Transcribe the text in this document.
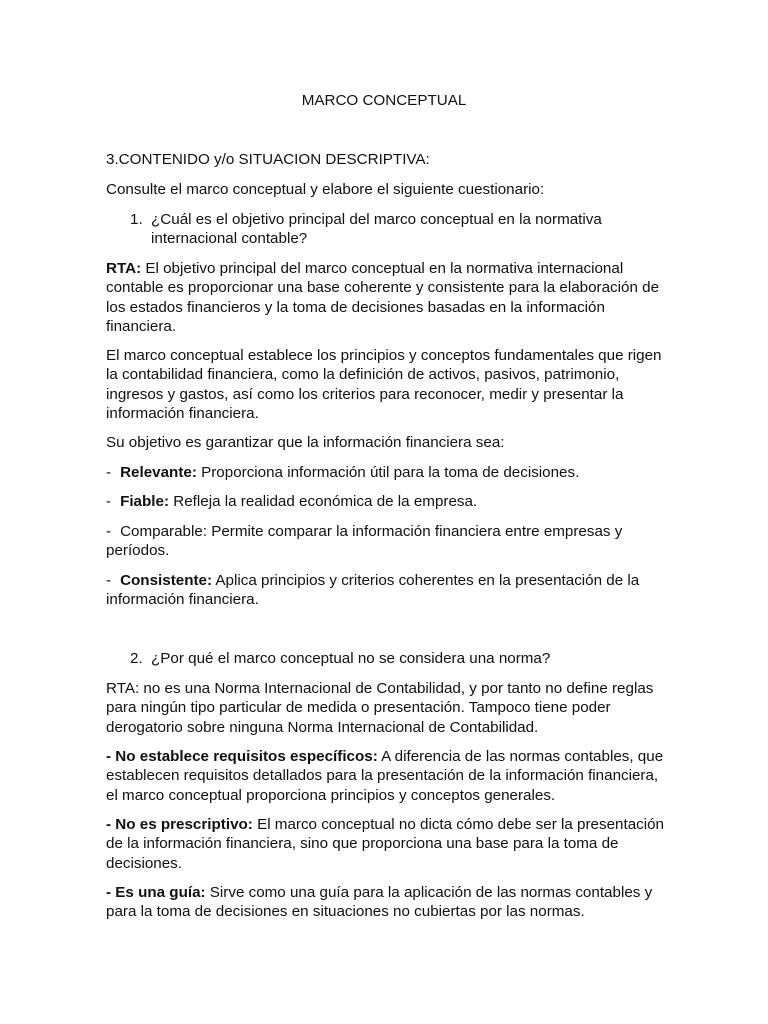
MARCO CONCEPTUAL
3.CONTENIDO y/o SITUACION DESCRIPTIVA:
Consulte el marco conceptual y elabore el siguiente cuestionario:
1. ¿Cuál es el objetivo principal del marco conceptual en la normativa internacional contable?
RTA: El objetivo principal del marco conceptual en la normativa internacional contable es proporcionar una base coherente y consistente para la elaboración de los estados financieros y la toma de decisiones basadas en la información financiera.
El marco conceptual establece los principios y conceptos fundamentales que rigen la contabilidad financiera, como la definición de activos, pasivos, patrimonio, ingresos y gastos, así como los criterios para reconocer, medir y presentar la información financiera.
Su objetivo es garantizar que la información financiera sea:
- Relevante: Proporciona información útil para la toma de decisiones.
- Fiable: Refleja la realidad económica de la empresa.
- Comparable: Permite comparar la información financiera entre empresas y períodos.
- Consistente: Aplica principios y criterios coherentes en la presentación de la información financiera.
2. ¿Por qué el marco conceptual no se considera una norma?
RTA: no es una Norma Internacional de Contabilidad, y por tanto no define reglas para ningún tipo particular de medida o presentación. Tampoco tiene poder derogatorio sobre ninguna Norma Internacional de Contabilidad.
- No establece requisitos específicos: A diferencia de las normas contables, que establecen requisitos detallados para la presentación de la información financiera, el marco conceptual proporciona principios y conceptos generales.
- No es prescriptivo: El marco conceptual no dicta cómo debe ser la presentación de la información financiera, sino que proporciona una base para la toma de decisiones.
- Es una guía: Sirve como una guía para la aplicación de las normas contables y para la toma de decisiones en situaciones no cubiertas por las normas.
